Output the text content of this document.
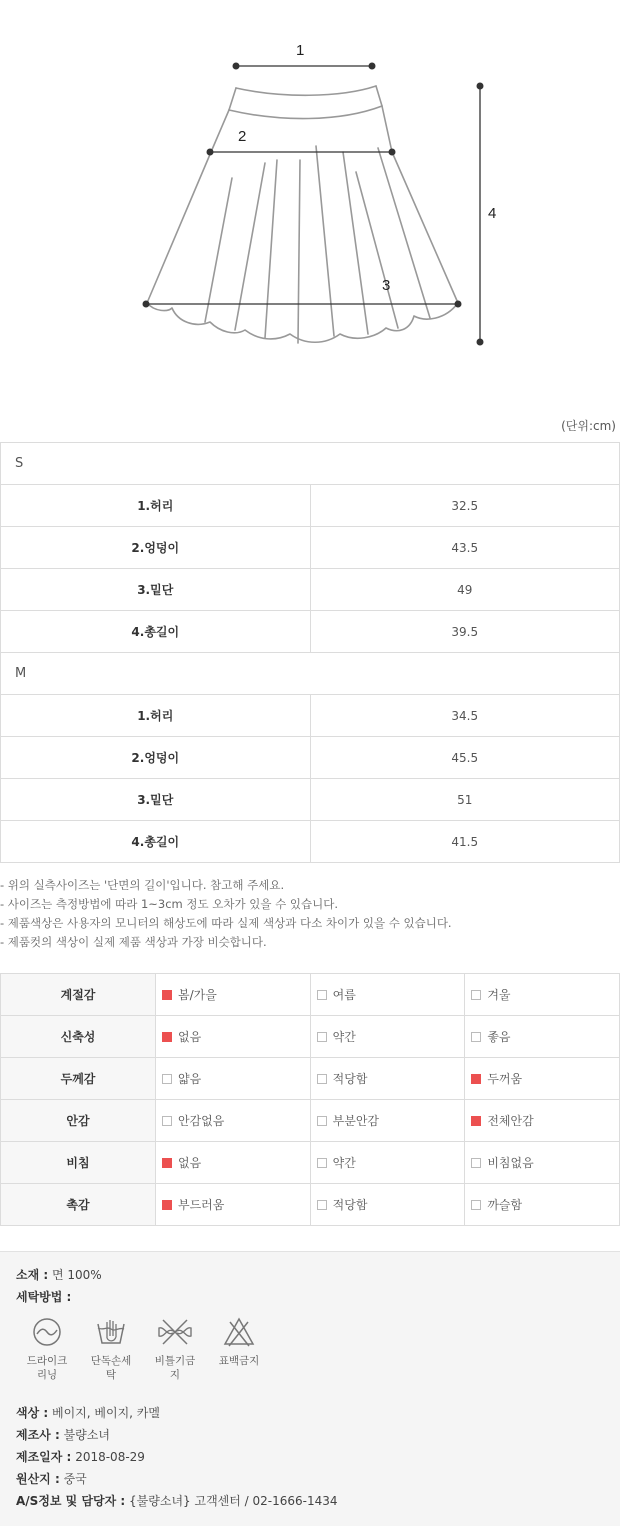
1
2
3
4
(단위:cm)
S	
1.허리	32.5
2.엉덩이	43.5
3.밑단	49
4.총길이	39.5
M	
1.허리	34.5
2.엉덩이	45.5
3.밑단	51
4.총길이	41.5

- 위의 실측사이즈는 '단면의 길이'입니다. 참고해 주세요.

- 사이즈는 측정방법에 따라 1~3cm 정도 오차가 있을 수 있습니다.

- 제품색상은 사용자의 모니터의 해상도에 따라 실제 색상과 다소 차이가 있을 수 있습니다.

- 제품컷의 색상이 실제 제품 색상과 가장 비슷합니다.

계절감	봄/가을	여름	겨울
신축성	없음	약간	좋음
두께감	얇음	적당함	두꺼움
안감	안감없음	부분안감	전체안감
비침	없음	약간	비침없음
촉감	부드러움	적당함	까슬함
소재 : 면 100%
세탁방법 :
드라이크
리닝
단독손세
탁
비틀기금
지
표백금지
색상 : 베이지, 베이지, 카멜
제조사 : 불량소녀
제조일자 : 2018-08-29
원산지 : 중국
A/S정보 및 담당자 : {불량소녀} 고객센터 / 02-1666-1434
